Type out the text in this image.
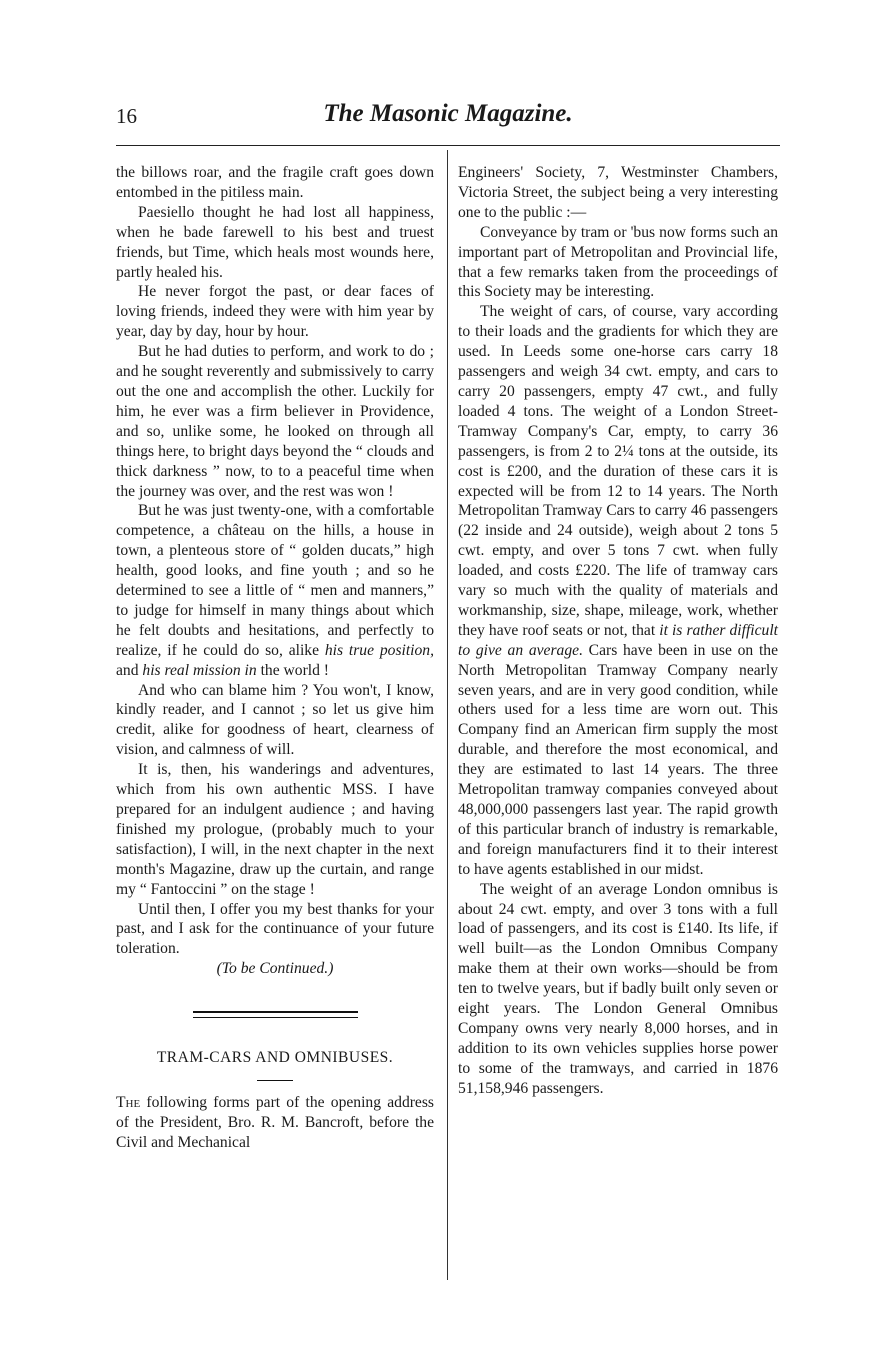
16	The Masonic Magazine.

the billows roar, and the fragile craft goes down entombed in the pitiless main.

Paesiello thought he had lost all happiness, when he bade farewell to his best and truest friends, but Time, which heals most wounds here, partly healed his.

He never forgot the past, or dear faces of loving friends, indeed they were with him year by year, day by day, hour by hour.

But he had duties to perform, and work to do ; and he sought reverently and submissively to carry out the one and accomplish the other. Luckily for him, he ever was a firm believer in Providence, and so, unlike some, he looked on through all things here, to bright days beyond the “ clouds and thick darkness ” now, to to a peaceful time when the journey was over, and the rest was won !

But he was just twenty-one, with a comfortable competence, a château on the hills, a house in town, a plenteous store of “ golden ducats,” high health, good looks, and fine youth ; and so he determined to see a little of “ men and manners,” to judge for himself in many things about which he felt doubts and hesitations, and perfectly to realize, if he could do so, alike his true position, and his real mission in the world !

And who can blame him ? You won't, I know, kindly reader, and I cannot ; so let us give him credit, alike for goodness of heart, clearness of vision, and calmness of will.

It is, then, his wanderings and adventures, which from his own authentic MSS. I have prepared for an indulgent audience ; and having finished my prologue, (probably much to your satisfaction), I will, in the next chapter in the next month's Magazine, draw up the curtain, and range my “ Fantoccini ” on the stage !

Until then, I offer you my best thanks for your past, and I ask for the continuance of your future toleration.

(To be Continued.)

TRAM-CARS AND OMNIBUSES.

The following forms part of the opening address of the President, Bro. R. M. Bancroft, before the Civil and Mechanical

Engineers' Society, 7, Westminster Chambers, Victoria Street, the subject being a very interesting one to the public :—

Conveyance by tram or 'bus now forms such an important part of Metropolitan and Provincial life, that a few remarks taken from the proceedings of this Society may be interesting.

The weight of cars, of course, vary according to their loads and the gradients for which they are used. In Leeds some one-horse cars carry 18 passengers and weigh 34 cwt. empty, and cars to carry 20 passengers, empty 47 cwt., and fully loaded 4 tons. The weight of a London Street-Tramway Company's Car, empty, to carry 36 passengers, is from 2 to 2¼ tons at the outside, its cost is £200, and the duration of these cars it is expected will be from 12 to 14 years. The North Metropolitan Tramway Cars to carry 46 passengers (22 inside and 24 outside), weigh about 2 tons 5 cwt. empty, and over 5 tons 7 cwt. when fully loaded, and costs £220. The life of tramway cars vary so much with the quality of materials and workmanship, size, shape, mileage, work, whether they have roof seats or not, that it is rather difficult to give an average. Cars have been in use on the North Metropolitan Tramway Company nearly seven years, and are in very good condition, while others used for a less time are worn out. This Company find an American firm supply the most durable, and therefore the most economical, and they are estimated to last 14 years. The three Metropolitan tramway companies conveyed about 48,000,000 passengers last year. The rapid growth of this particular branch of industry is remarkable, and foreign manufacturers find it to their interest to have agents established in our midst.

The weight of an average London omnibus is about 24 cwt. empty, and over 3 tons with a full load of passengers, and its cost is £140. Its life, if well built—as the London Omnibus Company make them at their own works—should be from ten to twelve years, but if badly built only seven or eight years. The London General Omnibus Company owns very nearly 8,000 horses, and in addition to its own vehicles supplies horse power to some of the tramways, and carried in 1876 51,158,946 passengers.
